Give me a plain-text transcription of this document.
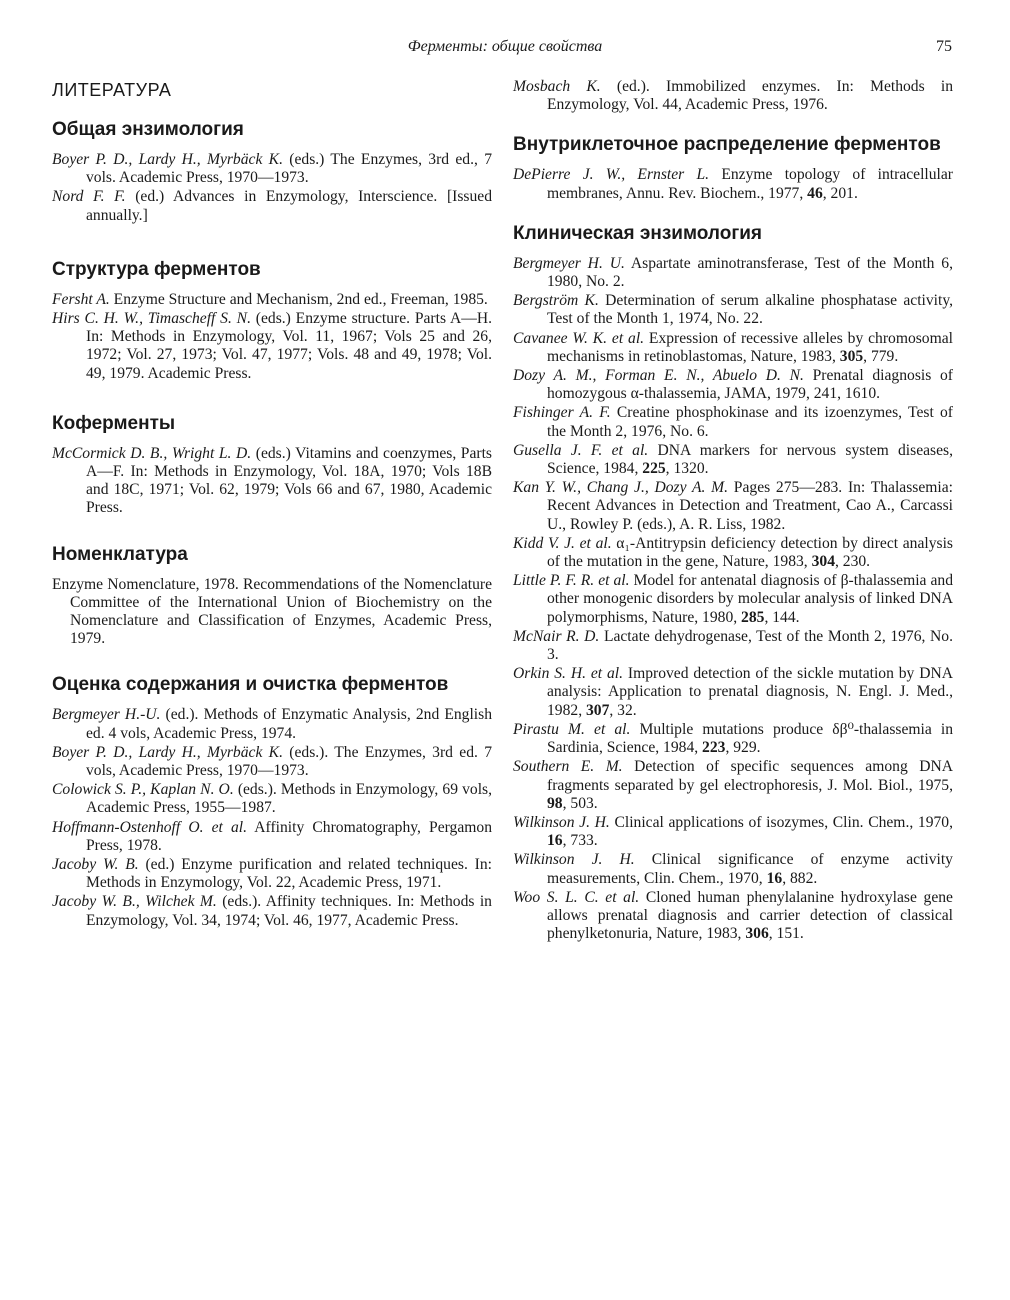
Ферменты: общие свойства	75
ЛИТЕРАТУРА
Общая энзимология

Boyer P. D., Lardy H., Myrbäck K. (eds.) The Enzymes, 3rd ed., 7 vols. Academic Press, 1970—1973.

Nord F. F. (ed.) Advances in Enzymology, Interscience. [Issued annually.]

Структура ферментов

Fersht A. Enzyme Structure and Mechanism, 2nd ed., Freeman, 1985.

Hirs C. H. W., Timascheff S. N. (eds.) Enzyme structure. Parts A—H. In: Methods in Enzymology, Vol. 11, 1967; Vols 25 and 26, 1972; Vol. 27, 1973; Vol. 47, 1977; Vols. 48 and 49, 1978; Vol. 49, 1979. Academic Press.

Коферменты

McCormick D. B., Wright L. D. (eds.) Vitamins and coenzymes, Parts A—F. In: Methods in Enzymology, Vol. 18A, 1970; Vols 18B and 18C, 1971; Vol. 62, 1979; Vols 66 and 67, 1980, Academic Press.

Номенклатура

Enzyme Nomenclature, 1978. Recommendations of the Nomenclature Committee of the International Union of Biochemistry on the Nomenclature and Classification of Enzymes, Academic Press, 1979.

Оценка содержания и очистка ферментов

Bergmeyer H.-U. (ed.). Methods of Enzymatic Analysis, 2nd English ed. 4 vols, Academic Press, 1974.

Boyer P. D., Lardy H., Myrbäck K. (eds.). The Enzymes, 3rd ed. 7 vols, Academic Press, 1970—1973.

Colowick S. P., Kaplan N. O. (eds.). Methods in Enzymology, 69 vols, Academic Press, 1955—1987.

Hoffmann-Ostenhoff O. et al. Affinity Chromatography, Pergamon Press, 1978.

Jacoby W. B. (ed.) Enzyme purification and related techniques. In: Methods in Enzymology, Vol. 22, Academic Press, 1971.

Jacoby W. B., Wilchek M. (eds.). Affinity techniques. In: Methods in Enzymology, Vol. 34, 1974; Vol. 46, 1977, Academic Press.

Mosbach K. (ed.). Immobilized enzymes. In: Methods in Enzymology, Vol. 44, Academic Press, 1976.

Внутриклеточное распределение ферментов

DePierre J. W., Ernster L. Enzyme topology of intracellular membranes, Annu. Rev. Biochem., 1977, 46, 201.

Клиническая энзимология

Bergmeyer H. U. Aspartate aminotransferase, Test of the Month 6, 1980, No. 2.

Bergström K. Determination of serum alkaline phosphatase activity, Test of the Month 1, 1974, No. 22.

Cavanee W. K. et al. Expression of recessive alleles by chromosomal mechanisms in retinoblastomas, Nature, 1983, 305, 779.

Dozy A. M., Forman E. N., Abuelo D. N. Prenatal diagnosis of homozygous α-thalassemia, JAMA, 1979, 241, 1610.

Fishinger A. F. Creatine phosphokinase and its izoenzymes, Test of the Month 2, 1976, No. 6.

Gusella J. F. et al. DNA markers for nervous system diseases, Science, 1984, 225, 1320.

Kan Y. W., Chang J., Dozy A. M. Pages 275—283. In: Thalassemia: Recent Advances in Detection and Treatment, Cao A., Carcassi U., Rowley P. (eds.), A. R. Liss, 1982.

Kidd V. J. et al. α₁-Antitrypsin deficiency detection by direct analysis of the mutation in the gene, Nature, 1983, 304, 230.

Little P. F. R. et al. Model for antenatal diagnosis of β-thalassemia and other monogenic disorders by molecular analysis of linked DNA polymorphisms, Nature, 1980, 285, 144.

McNair R. D. Lactate dehydrogenase, Test of the Month 2, 1976, No. 3.

Orkin S. H. et al. Improved detection of the sickle mutation by DNA analysis: Application to prenatal diagnosis, N. Engl. J. Med., 1982, 307, 32.

Pirastu M. et al. Multiple mutations produce δβ⁰-thalassemia in Sardinia, Science, 1984, 223, 929.

Southern E. M. Detection of specific sequences among DNA fragments separated by gel electrophoresis, J. Mol. Biol., 1975, 98, 503.

Wilkinson J. H. Clinical applications of isozymes, Clin. Chem., 1970, 16, 733.

Wilkinson J. H. Clinical significance of enzyme activity measurements, Clin. Chem., 1970, 16, 882.

Woo S. L. C. et al. Cloned human phenylalanine hydroxylase gene allows prenatal diagnosis and carrier detection of classical phenylketonuria, Nature, 1983, 306, 151.
